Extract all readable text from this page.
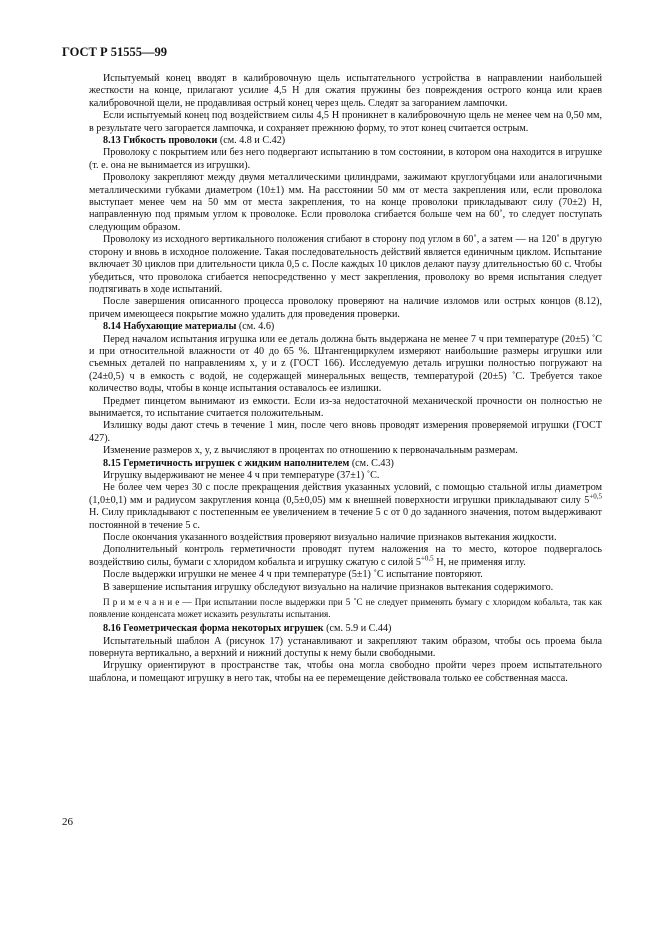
ГОСТ Р 51555—99

Испытуемый конец вводят в калибровочную щель испытательного устройства в направлении наибольшей жесткости на конце, прилагают усилие 4,5 Н для сжатия пружины без повреждения острого конца или краев калибровочной щели, не продавливая острый конец через щель. Следят за загоранием лампочки.

Если испытуемый конец под воздействием силы 4,5 Н проникнет в калибровочную щель не менее чем на 0,50 мм, в результате чего загорается лампочка, и сохраняет прежнюю форму, то этот конец считается острым.

8.13 Гибкость проволоки (см. 4.8 и С.42)

Проволоку с покрытием или без него подвергают испытанию в том состоянии, в котором она находится в игрушке (т. е. она не вынимается из игрушки).

Проволоку закрепляют между двумя металлическими цилиндрами, зажимают круглогубцами или аналогичными металлическими губками диаметром (10±1) мм. На расстоянии 50 мм от места закрепления или, если проволока выступает менее чем на 50 мм от места закрепления, то на конце проволоки прикладывают силу (70±2) Н, направленную под прямым углом к проволоке. Если проволока сгибается больше чем на 60˚, то следует поступать следующим образом.

Проволоку из исходного вертикального положения сгибают в сторону под углом в 60˚, а затем — на 120˚ в другую сторону и вновь в исходное положение. Такая последовательность действий является единичным циклом. Испытание включает 30 циклов при длительности цикла 0,5 с. После каждых 10 циклов делают паузу длительностью 60 с. Чтобы убедиться, что проволока сгибается непосредственно у мест закрепления, проволоку во время испытания следует подтягивать в ходе испытаний.

После завершения описанного процесса проволоку проверяют на наличие изломов или острых концов (8.12), причем имеющееся покрытие можно удалить для проведения проверки.

8.14 Набухающие материалы (см. 4.6)

Перед началом испытания игрушка или ее деталь должна быть выдержана не менее 7 ч при температуре (20±5) ˚С и при относительной влажности от 40 до 65 %. Штангенциркулем измеряют наибольшие размеры игрушки или съемных деталей по направлениям x, y и z (ГОСТ 166). Исследуемую деталь игрушки полностью погружают на (24±0,5) ч в емкость с водой, не содержащей минеральных веществ, температурой (20±5) ˚С. Требуется такое количество воды, чтобы в конце испытания оставалось ее излишки.

Предмет пинцетом вынимают из емкости. Если из-за недостаточной механической прочности он полностью не вынимается, то испытание считается положительным.

Излишку воды дают стечь в течение 1 мин, после чего вновь проводят измерения проверяемой игрушки (ГОСТ 427).

Изменение размеров x, y, z вычисляют в процентах по отношению к первоначальным размерам.

8.15 Герметичность игрушек с жидким наполнителем (см. С.43)

Игрушку выдерживают не менее 4 ч при температуре (37±1) ˚С.

Не более чем через 30 с после прекращения действия указанных условий, с помощью стальной иглы диаметром (1,0±0,1) мм и радиусом закругления конца (0,5±0,05) мм к внешней поверхности игрушки прикладывают силу $5^{+0,5}$ Н. Силу прикладывают с постепенным ее увеличением в течение 5 с от 0 до заданного значения, потом выдерживают постоянной в течение 5 с.

После окончания указанного воздействия проверяют визуально наличие признаков вытекания жидкости.

Дополнительный контроль герметичности проводят путем наложения на то место, которое подвергалось воздействию силы, бумаги с хлоридом кобальта и игрушку сжатую с силой $5^{+0,5}$ Н, не применяя иглу.

После выдержки игрушки не менее 4 ч при температуре (5±1) ˚С испытание повторяют.

В завершение испытания игрушку обследуют визуально на наличие признаков вытекания содержимого.

П р и м е ч а н и е — При испытании после выдержки при 5 ˚С не следует применять бумагу с хлоридом кобальта, так как появление конденсата может исказить результаты испытания.

8.16 Геометрическая форма некоторых игрушек (см. 5.9 и С.44)

Испытательный шаблон А (рисунок 17) устанавливают и закрепляют таким образом, чтобы ось проема была повернута вертикально, а верхний и нижний доступы к нему были свободными.

Игрушку ориентируют в пространстве так, чтобы она могла свободно пройти через проем испытательного шаблона, и помещают игрушку в него так, чтобы на ее перемещение действовала только ее собственная масса.

26
